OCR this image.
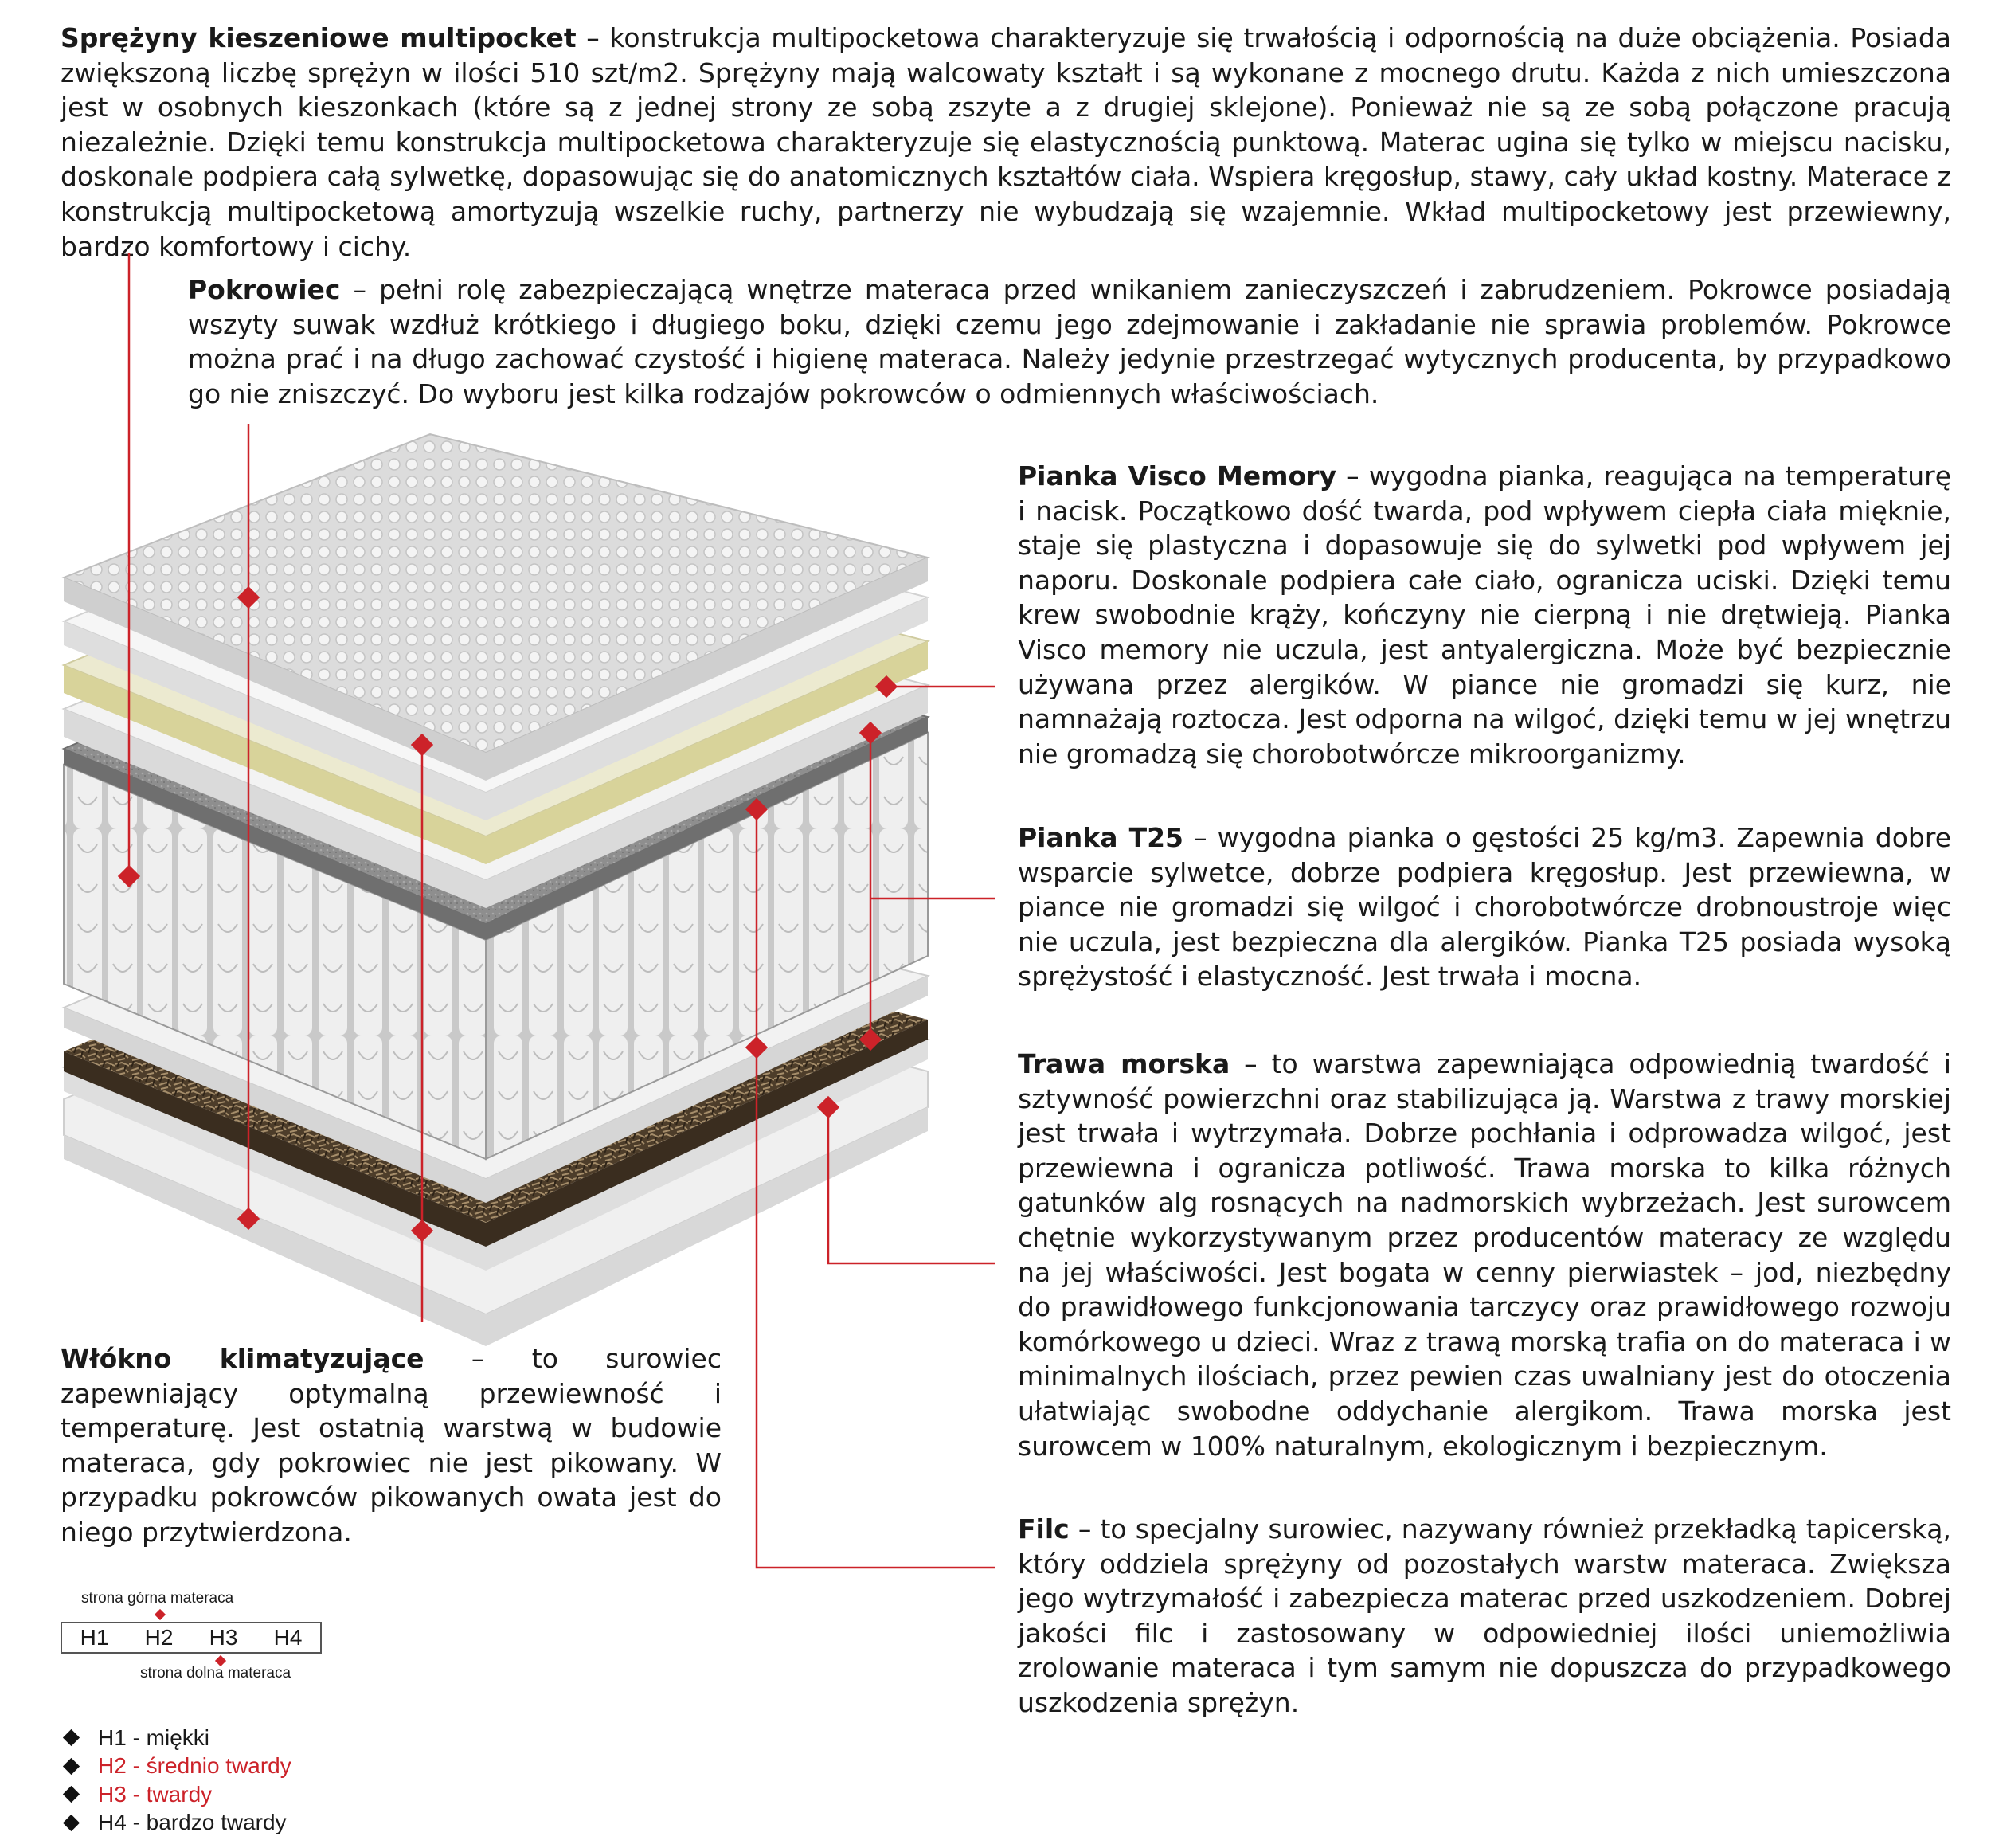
Sprężyny kieszeniowe multipocket – konstrukcja multipocketowa charakteryzuje się trwałością i odpornością na duże obciążenia. Posiada zwiększoną liczbę sprężyn w ilości 510 szt/m2. Sprężyny mają walcowaty kształt i są wykonane z mocnego drutu. Każda z nich umieszczona jest w osobnych kieszonkach (które są z jednej strony ze sobą zszyte a z drugiej sklejone). Ponieważ nie są ze sobą połączone pracują niezależnie. Dzięki temu konstrukcja multipocketowa charakteryzuje się elastycznością punktową. Materac ugina się tylko w miejscu nacisku, doskonale podpiera całą sylwetkę, dopasowując się do anatomicznych kształtów ciała. Wspiera kręgosłup, stawy, cały układ kostny. Materace z konstrukcją multipocketową amortyzują wszelkie ruchy, partnerzy nie wybudzają się wzajemnie. Wkład multipocketowy jest przewiewny, bardzo komfortowy i cichy.

Pokrowiec – pełni rolę zabezpieczającą wnętrze materaca przed wnikaniem zanieczyszczeń i zabrudzeniem. Pokrowce posiadają wszyty suwak wzdłuż krótkiego i długiego boku, dzięki czemu jego zdejmowanie i zakładanie nie sprawia problemów. Pokrowce można prać i na długo zachować czystość i higienę materaca. Należy jedynie przestrzegać wytycznych producenta, by przypadkowo go nie zniszczyć. Do wyboru jest kilka rodzajów pokrowców o odmiennych właściwościach.

Pianka Visco Memory – wygodna pianka, reagująca na temperaturę i nacisk. Początkowo dość twarda, pod wpływem ciepła ciała mięknie, staje się plastyczna i dopasowuje się do sylwetki pod wpływem jej naporu. Doskonale podpiera całe ciało, ogranicza uciski. Dzięki temu krew swobodnie krąży, kończyny nie cierpną i nie drętwieją. Pianka Visco memory nie uczula, jest antyalergiczna. Może być bezpiecznie używana przez alergików. W piance nie gromadzi się kurz, nie namnażają roztocza. Jest odporna na wilgoć, dzięki temu w jej wnętrzu nie gromadzą się chorobotwórcze mikroorganizmy.

Pianka T25 – wygodna pianka o gęstości 25 kg/m3. Zapewnia dobre wsparcie sylwetce, dobrze podpiera kręgosłup. Jest przewiewna, w piance nie gromadzi się wilgoć i chorobotwórcze drobnoustroje więc nie uczula, jest bezpieczna dla alergików. Pianka T25 posiada wysoką sprężystość i elastyczność. Jest trwała i mocna.

Trawa morska – to warstwa zapewniająca odpowiednią twardość i sztywność powierzchni oraz stabilizująca ją. Warstwa z trawy morskiej jest trwała i wytrzymała. Dobrze pochłania i odprowadza wilgoć, jest przewiewna i ogranicza potliwość. Trawa morska to kilka różnych gatunków alg rosnących na nadmorskich wybrzeżach. Jest surowcem chętnie wykorzystywanym przez producentów materacy ze względu na jej właściwości. Jest bogata w cenny pierwiastek – jod, niezbędny do prawidłowego funkcjonowania tarczycy oraz prawidłowego rozwoju komórkowego u dzieci. Wraz z trawą morską trafia on do materaca i w minimalnych ilościach, przez pewien czas uwalniany jest do otoczenia ułatwiając swobodne oddychanie alergikom. Trawa morska jest surowcem w 100% naturalnym, ekologicznym i bezpiecznym.

Filc – to specjalny surowiec, nazywany również przekładką tapicerską, który oddziela sprężyny od pozostałych warstw materaca. Zwiększa jego wytrzymałość i zabezpiecza materac przed uszkodzeniem. Dobrej jakości filc i zastosowany w odpowiedniej ilości uniemożliwia zrolowanie materaca i tym samym nie dopuszcza do przypadkowego uszkodzenia sprężyn.

Włókno klimatyzujące – to surowiec zapewniający optymalną przewiewność i temperaturę. Jest ostatnią warstwą w budowie materaca, gdy pokrowiec nie jest pikowany. W przypadku pokrowców pikowanych owata jest do niego przytwierdzona.

strona górna materaca
H1 H2 H3 H4
strona dolna materaca
H1 - miękki
H2 - średnio twardy
H3 - twardy
H4 - bardzo twardy
